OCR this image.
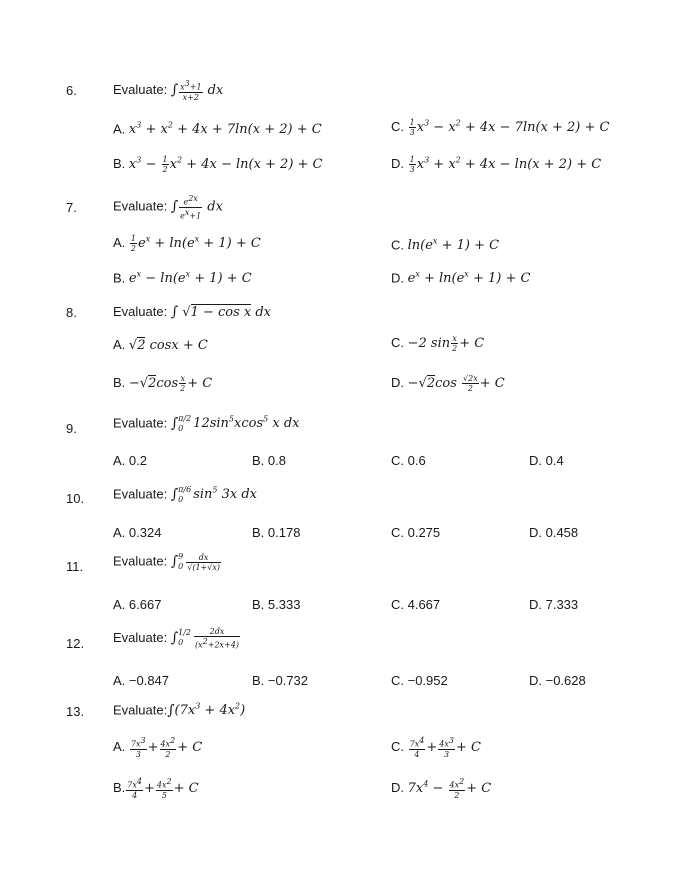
6.	Evaluate: ∫ $\frac{x^3+1}{x+2}$ dx
A. $x^3 + x^2 + 4x + 7\ln(x + 2) + C$	C. $\frac{1}{3} x^3 - x^2 + 4x - 7\ln(x + 2) + C$
B. $x^3 - \frac{1}{2} x^2 + 4x - \ln(x + 2) + C$	D. $\frac{1}{3} x^3 + x^2 + 4x - \ln(x + 2) + C$
7.	Evaluate: ∫ $\frac{e^{2x}}{e^x+1}$ dx
A. $\frac{1}{2} e^x + \ln(e^x + 1) + C$	C. $\ln(e^x + 1) + C$
B. $e^x - \ln(e^x + 1) + C$	D. $e^x + \ln(e^x + 1) + C$
8.	Evaluate: ∫ √1 − cos x dx
A. √2 cosx + C	C. −2 $\sin \frac{x}{2} + C$
B. $-√2\cos \frac{x}{2} + C$	D. $-√2\cos \frac{√2x}{2} + C$
9.	Evaluate: ∫ π/2
0 $12\sin^5xcos^5$ x dx
A. 0.2	B. 0.8	C. 0.6	D. 0.4
10. Evaluate: ∫ π/6
0 $\sin^5 3x$ dx
A. 0.324	B. 0.178	C. 0.275	D. 0.458
11. Evaluate: ∫ 9
$0 \frac{dx}{√(1+√x)}$
A. 6.667	B. 5.333	C. 4.667	D. 7.333
12. Evaluate: ∫ 1/2
0	$\frac{2dx}{(x^2+2x+4)}$
A. −0.847	B. −0.732	C. −0.952	D. −0.628
13. $Evaluate:\int(7x^3 + 4x^2)$
A. $\frac{7x^3}{3} + \frac{4x^2}{2} + C$	C. $\frac{7x^4}{4} + \frac{4x^3}{3} + C$
B. $\frac{7x^4}{4} + \frac{4x^2}{5} + C$	D. $7x^4 - \frac{4x^2}{2} + C$
